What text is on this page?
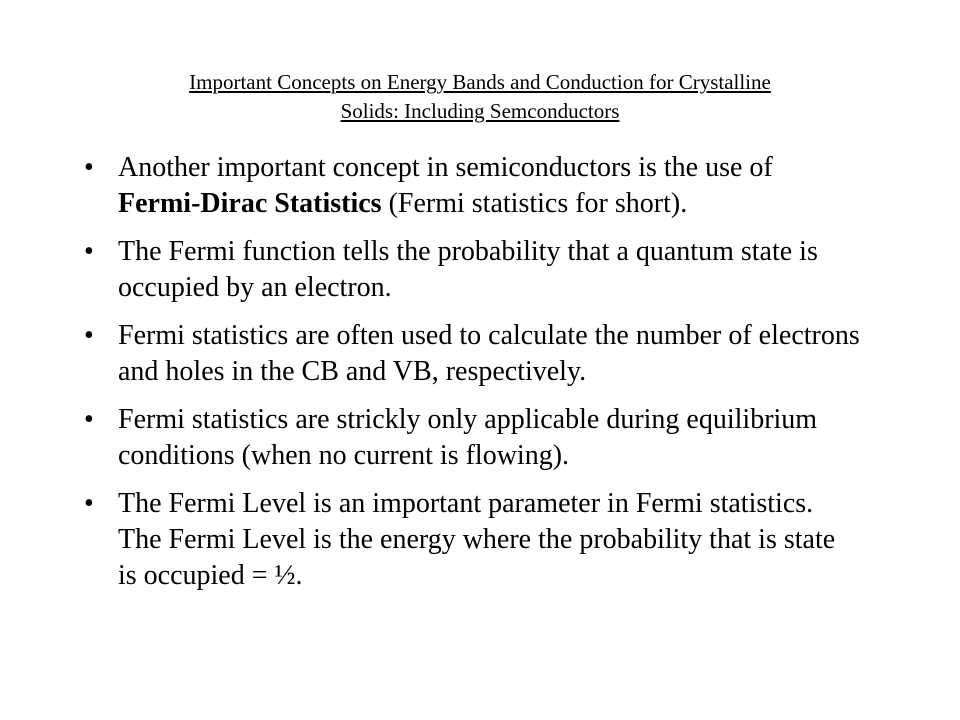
Important Concepts on Energy Bands and Conduction for Crystalline
Solids: Including Semconductors
• Another important concept in semiconductors is the use of Fermi-Dirac Statistics (Fermi statistics for short).
• The Fermi function tells the probability that a quantum state is occupied by an electron.
• Fermi statistics are often used to calculate the number of electrons and holes in the CB and VB, respectively.
• Fermi statistics are strickly only applicable during equilibrium conditions (when no current is flowing).
• The Fermi Level is an important parameter in Fermi statistics. The Fermi Level is the energy where the probability that is state is occupied = ½.
